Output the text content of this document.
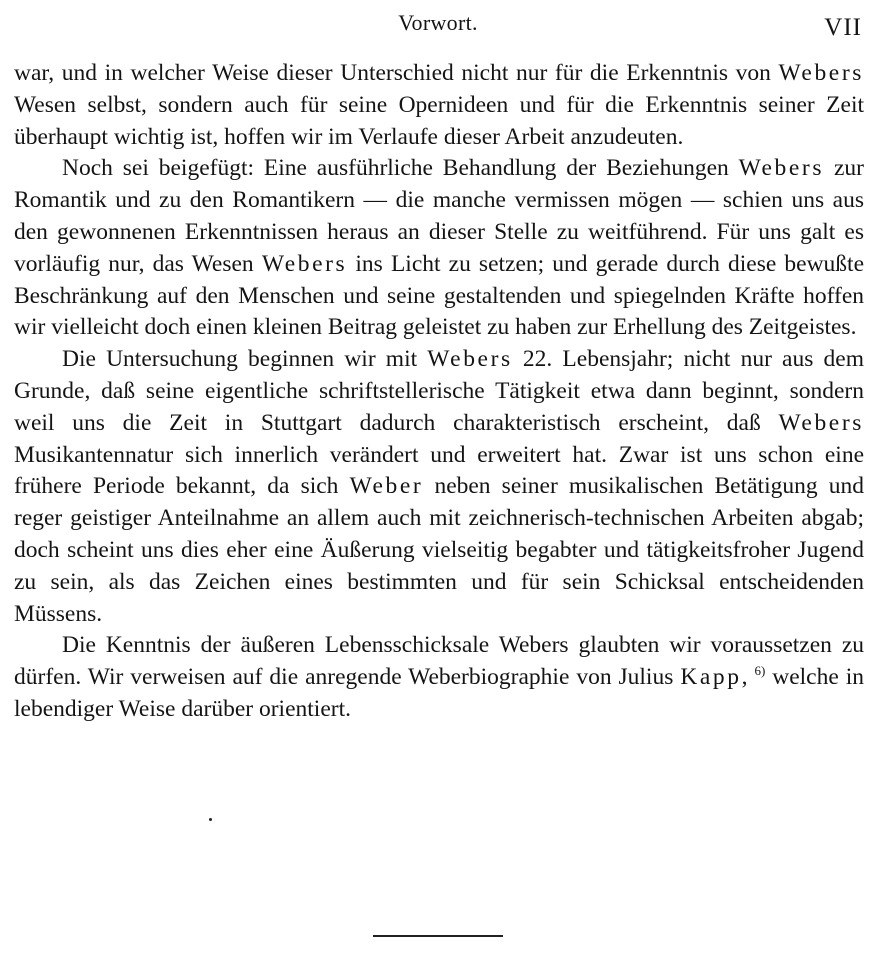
Vorwort.	VII

war, und in welcher Weise dieser Unterschied nicht nur für die Erkenntnis von Webers Wesen selbst, sondern auch für seine Opernideen und für die Erkenntnis seiner Zeit überhaupt wichtig ist, hoffen wir im Verlaufe dieser Arbeit anzudeuten.

Noch sei beigefügt: Eine ausführliche Behandlung der Beziehungen Webers zur Romantik und zu den Romantikern — die manche vermissen mögen — schien uns aus den gewonnenen Erkenntnissen heraus an dieser Stelle zu weitführend. Für uns galt es vorläufig nur, das Wesen Webers ins Licht zu setzen; und gerade durch diese bewußte Beschränkung auf den Menschen und seine gestaltenden und spiegelnden Kräfte hoffen wir vielleicht doch einen kleinen Beitrag geleistet zu haben zur Erhellung des Zeitgeistes.

Die Untersuchung beginnen wir mit Webers 22. Lebensjahr; nicht nur aus dem Grunde, daß seine eigentliche schriftstellerische Tätigkeit etwa dann beginnt, sondern weil uns die Zeit in Stuttgart dadurch charakteristisch erscheint, daß Webers Musikantennatur sich innerlich verändert und erweitert hat. Zwar ist uns schon eine frühere Periode bekannt, da sich Weber neben seiner musikalischen Betätigung und reger geistiger Anteilnahme an allem auch mit zeichnerisch-technischen Arbeiten abgab; doch scheint uns dies eher eine Äußerung vielseitig begabter und tätigkeitsfroher Jugend zu sein, als das Zeichen eines bestimmten und für sein Schicksal entscheidenden Müssens.

Die Kenntnis der äußeren Lebensschicksale Webers glaubten wir voraussetzen zu dürfen. Wir verweisen auf die anregende Weberbiographie von Julius Kapp, $^{6)}$ welche in lebendiger Weise darüber orientiert.
